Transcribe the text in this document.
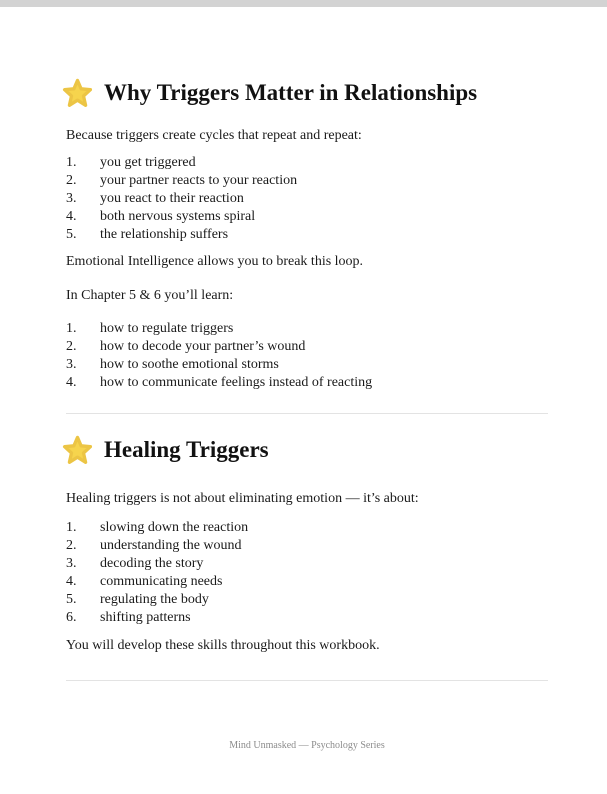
Why Triggers Matter in Relationships
Because triggers create cycles that repeat and repeat:
1.	you get triggered
2.	your partner reacts to your reaction
3.	you react to their reaction
4.	both nervous systems spiral
5.	the relationship suffers
Emotional Intelligence allows you to break this loop.
In Chapter 5 & 6 you’ll learn:
1.	how to regulate triggers
2.	how to decode your partner’s wound
3.	how to soothe emotional storms
4.	how to communicate feelings instead of reacting
Healing Triggers
Healing triggers is not about eliminating emotion — it’s about:
1.	slowing down the reaction
2.	understanding the wound
3.	decoding the story
4.	communicating needs
5.	regulating the body
6.	shifting patterns
You will develop these skills throughout this workbook.
Mind Unmasked — Psychology Series
